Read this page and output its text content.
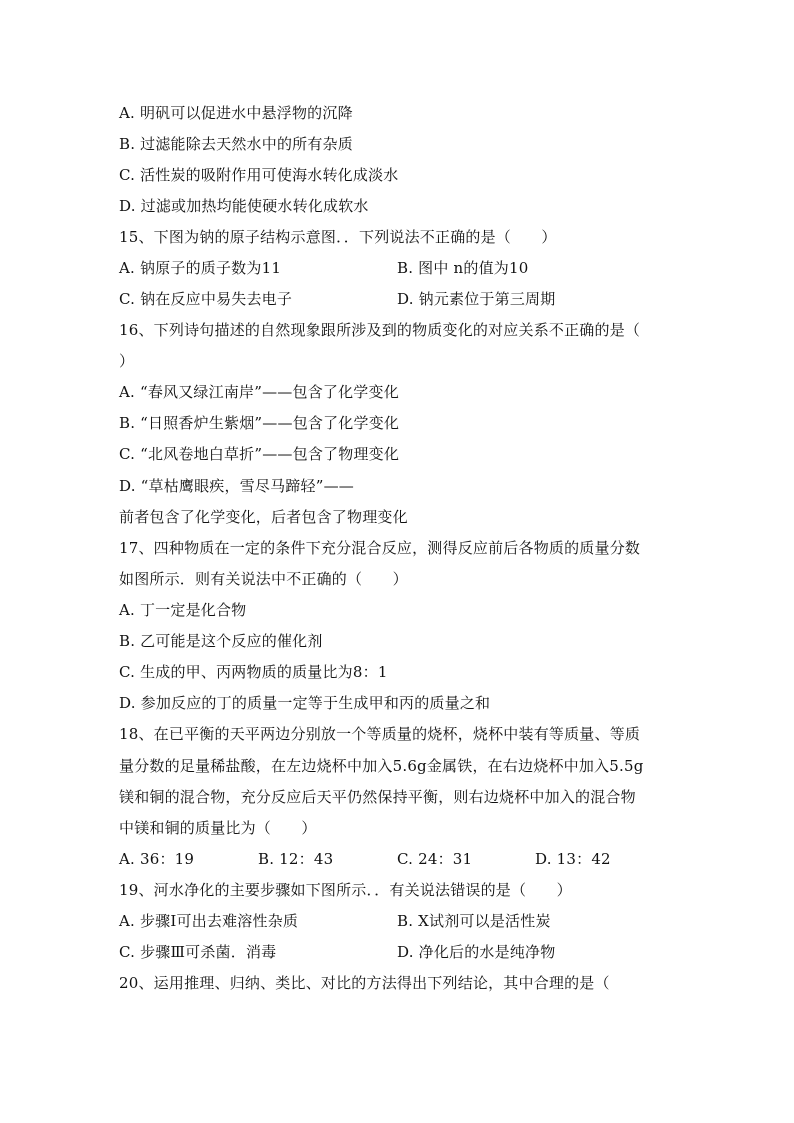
A. 明矾可以促进水中悬浮物的沉降
B. 过滤能除去天然水中的所有杂质
C. 活性炭的吸附作用可使海水转化成淡水
D. 过滤或加热均能使硬水转化成软水
15、下图为钠的原子结构示意图．．下列说法不正确的是（　　）
A. 钠原子的质子数为11	B. 图中 n的值为10
C. 钠在反应中易失去电子	D. 钠元素位于第三周期
16、下列诗句描述的自然现象跟所涉及到的物质变化的对应关系不正确的是（
）
A. “春风又绿江南岸”——包含了化学变化
B. “日照香炉生紫烟”——包含了化学变化
C. “北风卷地白草折”——包含了物理变化
D. “草枯鹰眼疾，雪尽马蹄轻”——
前者包含了化学变化，后者包含了物理变化
17、四种物质在一定的条件下充分混合反应，测得反应前后各物质的质量分数
如图所示．则有关说法中不正确的（　　）
A. 丁一定是化合物
B. 乙可能是这个反应的催化剂
C. 生成的甲、丙两物质的质量比为8：1
D. 参加反应的丁的质量一定等于生成甲和丙的质量之和
18、在已平衡的天平两边分别放一个等质量的烧杯，烧杯中装有等质量、等质
量分数的足量稀盐酸，在左边烧杯中加入5.6g金属铁，在右边烧杯中加入5.5g
镁和铜的混合物，充分反应后天平仍然保持平衡，则右边烧杯中加入的混合物
中镁和铜的质量比为（　　）
A. 36：19	B. 12：43	C. 24：31	D. 13：42
19、河水净化的主要步骤如下图所示．．有关说法错误的是（　　）
A. 步骤Ⅰ可出去难溶性杂质	B. X试剂可以是活性炭
C. 步骤Ⅲ可杀菌．消毒	D. 净化后的水是纯净物
20、运用推理、归纳、类比、对比的方法得出下列结论，其中合理的是（
